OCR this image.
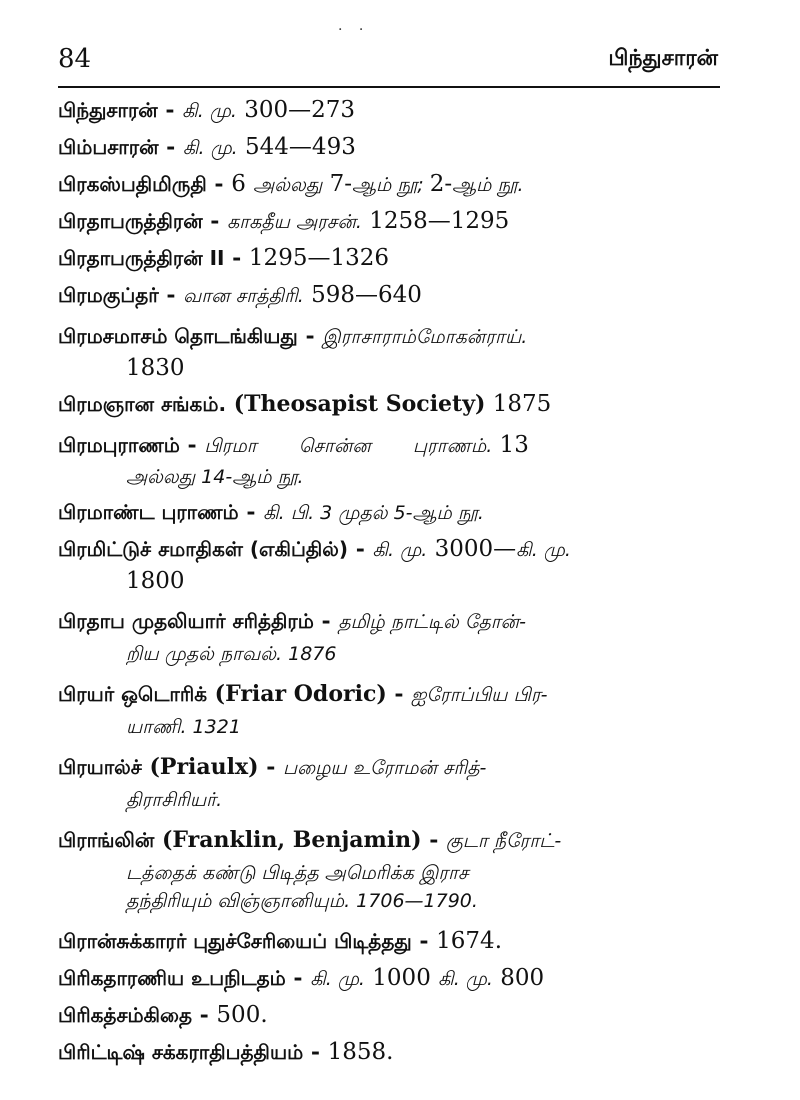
. .
84	பிந்துசாரன்
பிந்துசாரன் - கி. மு. 300—273
பிம்பசாரன் - கி. மு. 544—493
பிரகஸ்பதிமிருதி - 6 அல்லது 7-ஆம் நூ; 2-ஆம் நூ.
பிரதாபருத்திரன் - காகதீய அரசன். 1258—1295
பிரதாபருத்திரன் II - 1295—1326
பிரமகுப்தர் - வான சாத்திரி. 598—640
பிரமசமாசம் தொடங்கியது - இராசாராம்மோகன்ராய்.
1830
பிரமஞான சங்கம். (Theosapist Society) 1875
பிரமபுராணம் - பிரமா சொன்ன புராணம். 13
அல்லது 14-ஆம் நூ.
பிரமாண்ட புராணம் - கி. பி. 3 முதல் 5-ஆம் நூ.
பிரமிட்டுச் சமாதிகள் (எகிப்தில்) - கி. மு. 3000—கி. மு.
1800
பிரதாப முதலியார் சரித்திரம் - தமிழ் நாட்டில் தோன்-
றிய முதல் நாவல். 1876
பிரயர் ஒடொரிக் (Friar Odoric) - ஐரோப்பிய பிர-
யாணி. 1321
பிரயால்ச் (Priaulx) - பழைய உரோமன் சரித்-
திராசிரியர்.
பிராங்லின் (Franklin, Benjamin) - குடா நீரோட்-
டத்தைக் கண்டு பிடித்த அமெரிக்க இராச
தந்திரியும் விஞ்ஞானியும். 1706—1790.
பிரான்சுக்காரர் புதுச்சேரியைப் பிடித்தது - 1674.
பிரிகதாரணிய உபநிடதம் - கி. மு. 1000 கி. மு. 800
பிரிகத்சம்கிதை - 500.
பிரிட்டிஷ் சக்கராதிபத்தியம் - 1858.
